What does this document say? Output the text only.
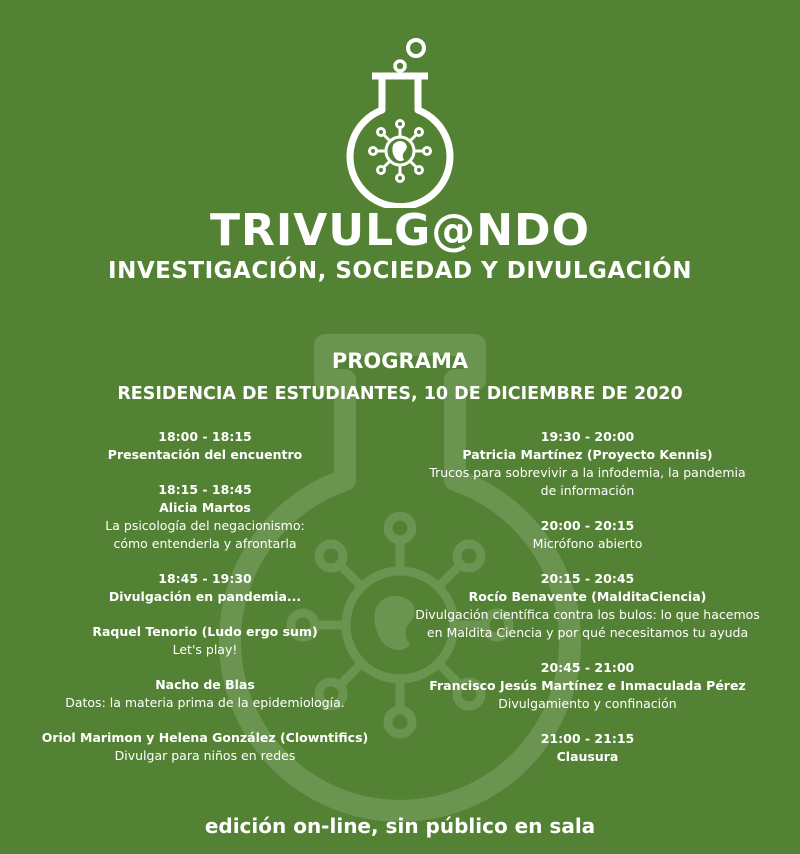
TRIVULG@NDO
INVESTIGACIÓN, SOCIEDAD Y DIVULGACIÓN
PROGRAMA
RESIDENCIA DE ESTUDIANTES, 10 DE DICIEMBRE DE 2020
18:00 - 18:15
Presentación del encuentro
18:15 - 18:45
Alicia Martos
La psicología del negacionismo:
cómo entenderla y afrontarla
18:45 - 19:30
Divulgación en pandemia...
Raquel Tenorio (Ludo ergo sum)
Let's play!
Nacho de Blas
Datos: la materia prima de la epidemiología.
Oriol Marimon y Helena González (Clowntifics)
Divulgar para niños en redes
19:30 - 20:00
Patricia Martínez (Proyecto Kennis)
Trucos para sobrevivir a la infodemia, la pandemia
de información
20:00 - 20:15
Micrófono abierto
20:15 - 20:45
Rocío Benavente (MalditaCiencia)
Divulgación científica contra los bulos: lo que hacemos
en Maldita Ciencia y por qué necesitamos tu ayuda
20:45 - 21:00
Francisco Jesús Martínez e Inmaculada Pérez
Divulgamiento y confinación
21:00 - 21:15
Clausura
edición on-line, sin público en sala
